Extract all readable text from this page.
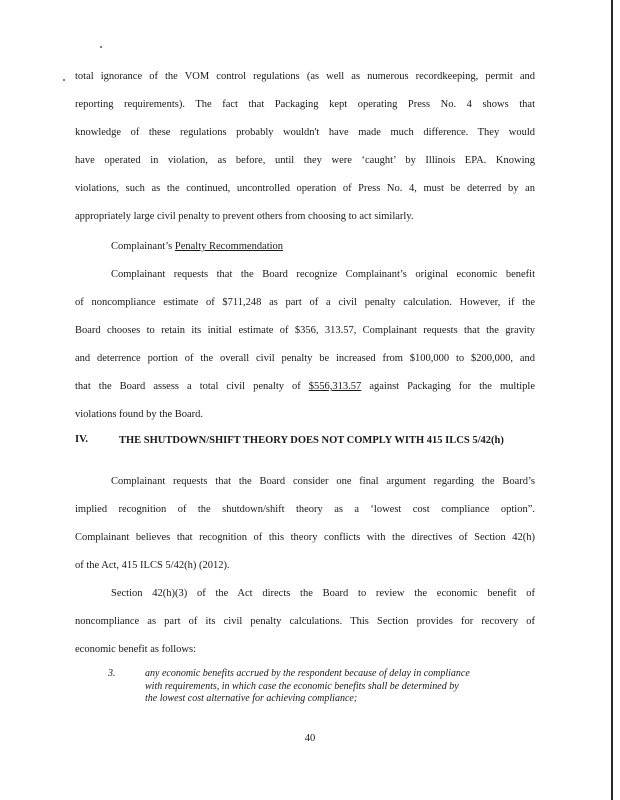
total ignorance of the VOM control regulations (as well as numerous recordkeeping, permit and
reporting requirements). The fact that Packaging kept operating Press No. 4 shows that
knowledge of these regulations probably wouldn't have made much difference. They would
have operated in violation, as before, until they were ‘caught’ by Illinois EPA. Knowing
violations, such as the continued, uncontrolled operation of Press No. 4, must be deterred by an
appropriately large civil penalty to prevent others from choosing to act similarly.
Complainant’s Penalty Recommendation
Complainant requests that the Board recognize Complainant’s original economic benefit
of noncompliance estimate of $711,248 as part of a civil penalty calculation. However, if the
Board chooses to retain its initial estimate of $356, 313.57, Complainant requests that the gravity
and deterrence portion of the overall civil penalty be increased from $100,000 to $200,000, and
that the Board assess a total civil penalty of $556,313.57 against Packaging for the multiple
violations found by the Board.
IV.	THE SHUTDOWN/SHIFT THEORY DOES NOT COMPLY WITH 415 ILCS 5/42(h)
Complainant requests that the Board consider one final argument regarding the Board’s
implied recognition of the shutdown/shift theory as a ‘lowest cost compliance option”.
Complainant believes that recognition of this theory conflicts with the directives of Section 42(h)
of the Act, 415 ILCS 5/42(h) (2012).
Section 42(h)(3) of the Act directs the Board to review the economic benefit of
noncompliance as part of its civil penalty calculations. This Section provides for recovery of
economic benefit as follows:
3.	any economic benefits accrued by the respondent because of delay in compliance
with requirements, in which case the economic benefits shall be determined by
the lowest cost alternative for achieving compliance;
40
